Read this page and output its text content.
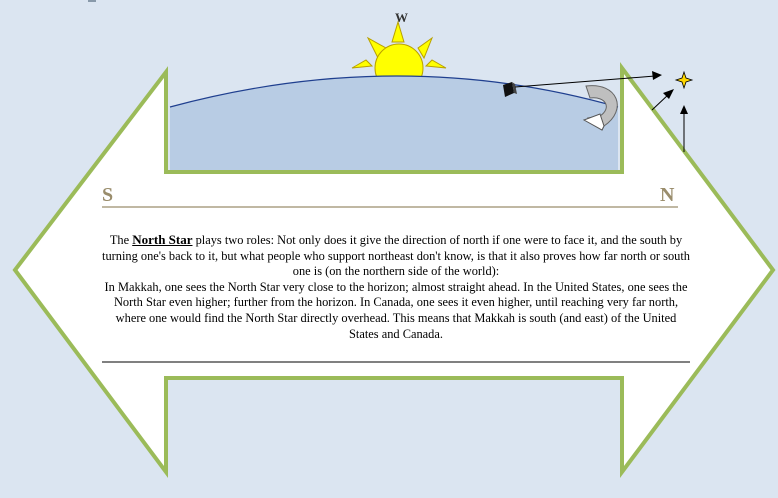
W
S	N

The North Star plays two roles: Not only does it give the direction of north if one were to face it, and the south by turning one's back to it, but what people who support northeast don't know, is that it also proves how far north or south one is (on the northern side of the world):

In Makkah, one sees the North Star very close to the horizon; almost straight ahead. In the United States, one sees the North Star even higher; further from the horizon. In Canada, one sees it even higher, until reaching very far north, where one would find the North Star directly overhead. This means that Makkah is south (and east) of the United States and Canada.
